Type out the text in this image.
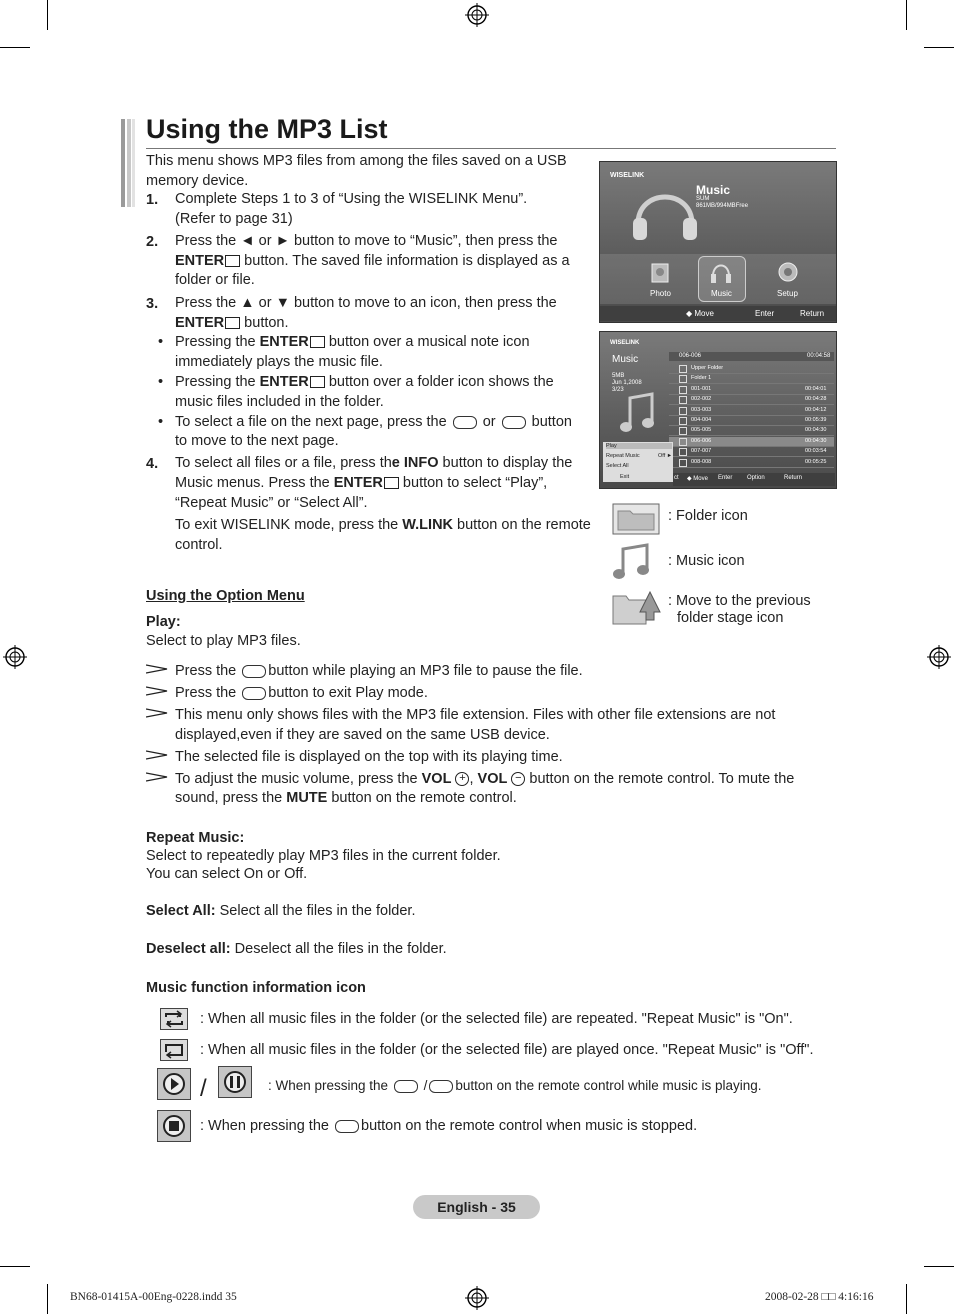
Using the MP3 List
This menu shows MP3 files from among the files saved on a USB memory device.
1. Complete Steps 1 to 3 of “Using the WISELINK Menu”.
(Refer to page 31)
2. Press the ◄ or ► button to move to “Music”, then press the
ENTER button. The saved file information is displayed as a
folder or file.
3. Press the ▲ or ▼ button to move to an icon, then press the
ENTER button.
• Pressing the ENTER button over a musical note icon
immediately plays the music file.
• Pressing the ENTER button over a folder icon shows the
music files included in the folder.
• To select a file on the next page, press the  or  button
to move to the next page.
4. To select all files or a file, press the INFO button to display the
Music menus. Press the ENTER button to select “Play”,
“Repeat Music” or “Select All”.
To exit WISELINK mode, press the W.LINK button on the remote
control.
WISELINK
Music
SUM
861MB/994MBFree
Photo	Music	Setup
◆ Move	Enter	Return
WISELINK
Music
5MB
Jun 1,2008
3/23
006-006	00:04:58
Upper Folder
Folder 1
001-001	00:04:01
002-002	00:04:28
003-003	00:04:12
004-004	00:05:39
005-005	00:04:30
006-006	00:04:30
007-007	00:03:54
008-008	00:05:25
Play
Repeat Music	Off ►
Select All
Exit	ct ◆ Move Enter Option	Return
: Folder icon
: Music icon
: Move to the previous
folder stage icon
Using the Option Menu
Play:
Select to play MP3 files.
Press the button while playing an MP3 file to pause the file.
Press the button to exit Play mode.
This menu only shows files with the MP3 file extension. Files with other file extensions are not
displayed,even if they are saved on the same USB device.
The selected file is displayed on the top with its playing time.
To adjust the music volume, press the VOL + , VOL − button on the remote control. To mute the
sound, press the MUTE button on the remote control.
Repeat Music:
Select to repeatedly play MP3 files in the current folder.
You can select On or Off.
Select All: Select all the files in the folder.
Deselect all: Deselect all the files in the folder.
Music function information icon
: When all music files in the folder (or the selected file) are repeated. "Repeat Music" is "On".
: When all music files in the folder (or the selected file) are played once. "Repeat Music" is "Off".
/	: When pressing the  / button on the remote control while music is playing.
: When pressing the button on the remote control when music is stopped.
English - 35
BN68-01415A-00Eng-0228.indd 35	2008-02-28 □□ 4:16:16
